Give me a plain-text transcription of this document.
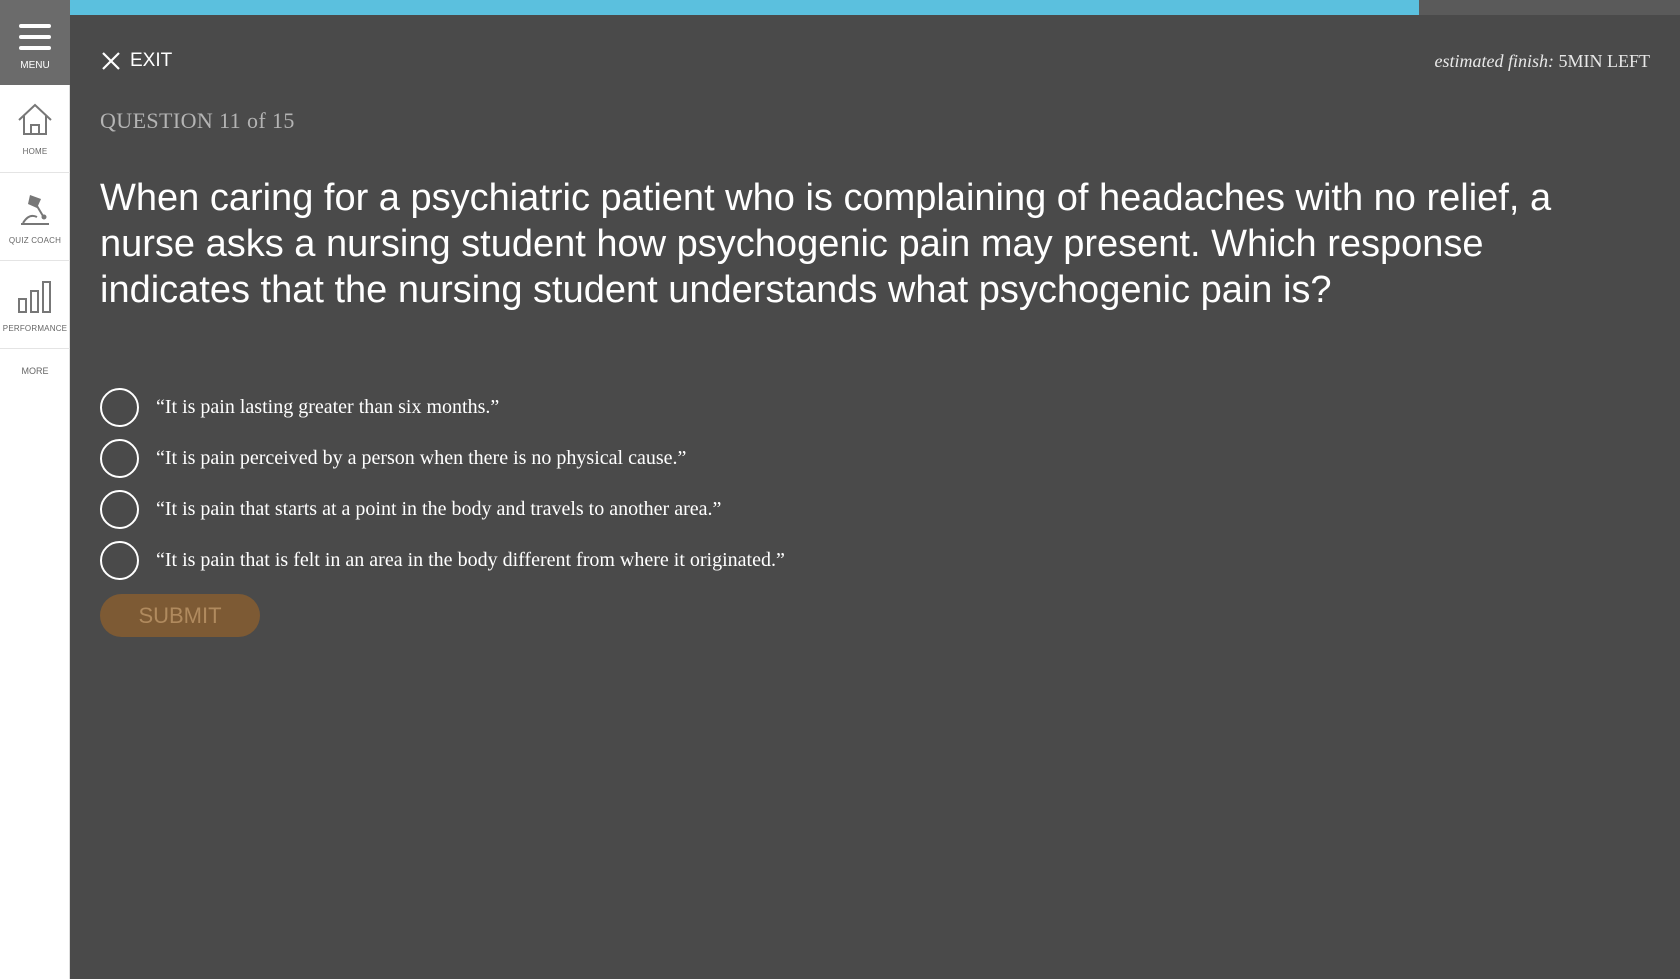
MENU
HOME
QUIZ COACH
PERFORMANCE
MORE
EXIT	estimated finish: 5MIN LEFT
QUESTION 11 of 15
When caring for a psychiatric patient who is complaining of headaches with no relief, a nurse asks a nursing student how psychogenic pain may present. Which response indicates that the nursing student understands what psychogenic pain is?
“It is pain lasting greater than six months.”
“It is pain perceived by a person when there is no physical cause.”
“It is pain that starts at a point in the body and travels to another area.”
“It is pain that is felt in an area in the body different from where it originated.”
SUBMIT
